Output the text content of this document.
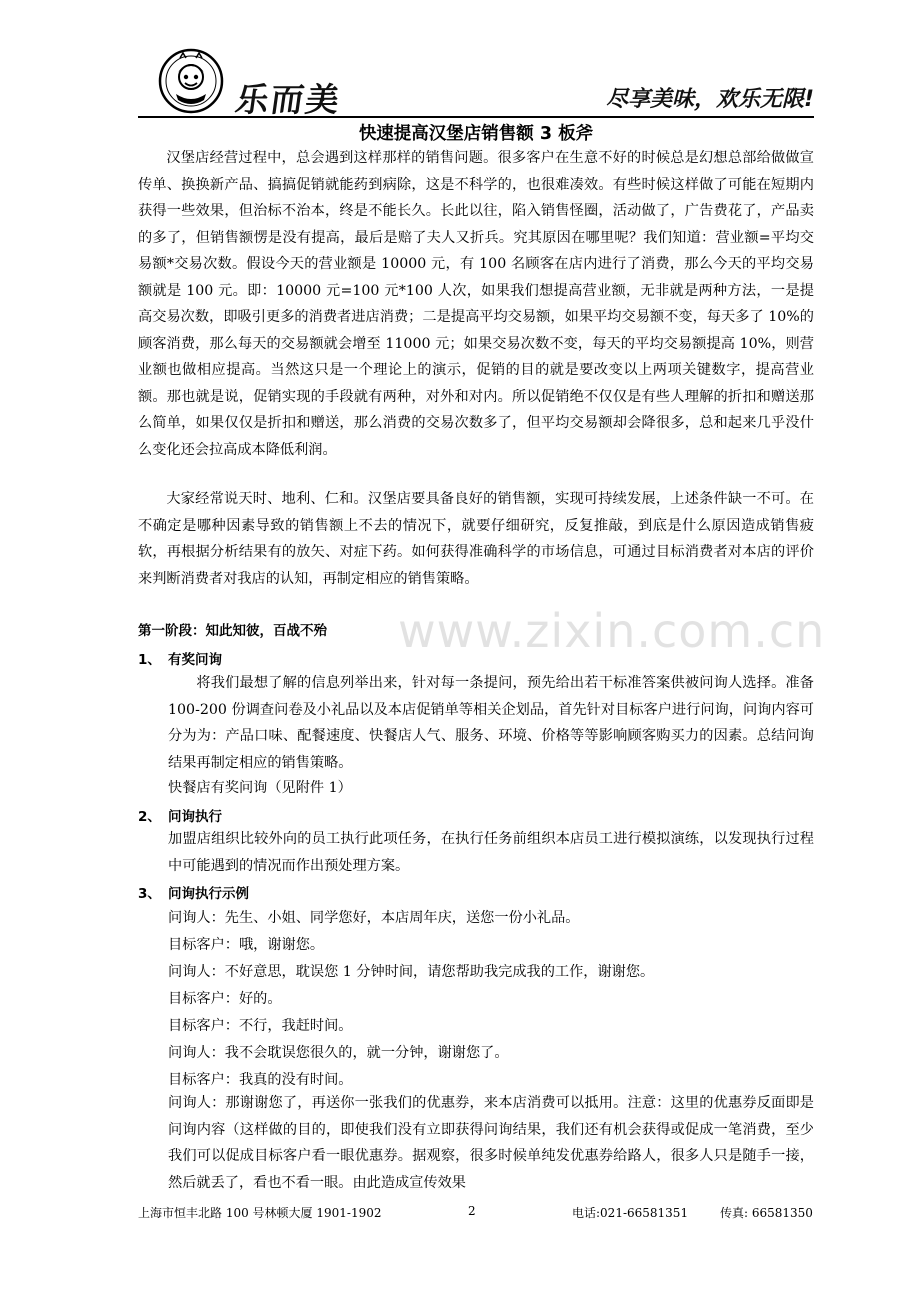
乐而美	尽享美味，欢乐无限!
快速提高汉堡店销售额 3 板斧

汉堡店经营过程中，总会遇到这样那样的销售问题。很多客户在生意不好的时候总是幻想总部给做做宣传单、换换新产品、搞搞促销就能药到病除，这是不科学的，也很难凑效。有些时候这样做了可能在短期内获得一些效果，但治标不治本，终是不能长久。长此以往，陷入销售怪圈，活动做了，广告费花了，产品卖的多了，但销售额愣是没有提高，最后是赔了夫人又折兵。究其原因在哪里呢？我们知道：营业额=平均交易额*交易次数。假设今天的营业额是 10000 元，有 100 名顾客在店内进行了消费，那么今天的平均交易额就是 100 元。即：10000 元=100 元*100 人次，如果我们想提高营业额，无非就是两种方法，一是提高交易次数，即吸引更多的消费者进店消费；二是提高平均交易额，如果平均交易额不变，每天多了 10%的顾客消费，那么每天的交易额就会增至 11000 元；如果交易次数不变，每天的平均交易额提高 10%，则营业额也做相应提高。当然这只是一个理论上的演示，促销的目的就是要改变以上两项关键数字，提高营业额。那也就是说，促销实现的手段就有两种，对外和对内。所以促销绝不仅仅是有些人理解的折扣和赠送那么简单，如果仅仅是折扣和赠送，那么消费的交易次数多了，但平均交易额却会降很多，总和起来几乎没什么变化还会拉高成本降低利润。

大家经常说天时、地利、仁和。汉堡店要具备良好的销售额，实现可持续发展，上述条件缺一不可。在不确定是哪种因素导致的销售额上不去的情况下，就要仔细研究，反复推敲，到底是什么原因造成销售疲软，再根据分析结果有的放矢、对症下药。如何获得准确科学的市场信息，可通过目标消费者对本店的评价来判断消费者对我店的认知，再制定相应的销售策略。

www.zixin.com.cn
第一阶段：知此知彼，百战不殆
1、 有奖问询

将我们最想了解的信息列举出来，针对每一条提问，预先给出若干标准答案供被问询人选择。准备 100-200 份调查问卷及小礼品以及本店促销单等相关企划品，首先针对目标客户进行问询，问询内容可分为为：产品口味、配餐速度、快餐店人气、服务、环境、价格等等影响顾客购买力的因素。总结问询结果再制定相应的销售策略。

快餐店有奖问询（见附件 1）
2、 问询执行

加盟店组织比较外向的员工执行此项任务，在执行任务前组织本店员工进行模拟演练，以发现执行过程中可能遇到的情况而作出预处理方案。

3、 问询执行示例
问询人：先生、小姐、同学您好，本店周年庆，送您一份小礼品。
目标客户：哦，谢谢您。
问询人：不好意思，耽误您 1 分钟时间，请您帮助我完成我的工作，谢谢您。
目标客户：好的。
目标客户：不行，我赶时间。
问询人：我不会耽误您很久的，就一分钟，谢谢您了。
目标客户：我真的没有时间。

问询人：那谢谢您了，再送你一张我们的优惠券，来本店消费可以抵用。注意：这里的优惠券反面即是问询内容（这样做的目的，即使我们没有立即获得问询结果，我们还有机会获得或促成一笔消费，至少我们可以促成目标客户看一眼优惠券。据观察，很多时候单纯发优惠券给路人，很多人只是随手一接，然后就丢了，看也不看一眼。由此造成宣传效果

上海市恒丰北路 100 号林顿大厦 1901-1902	2	电话:021-66581351	传真: 66581350
